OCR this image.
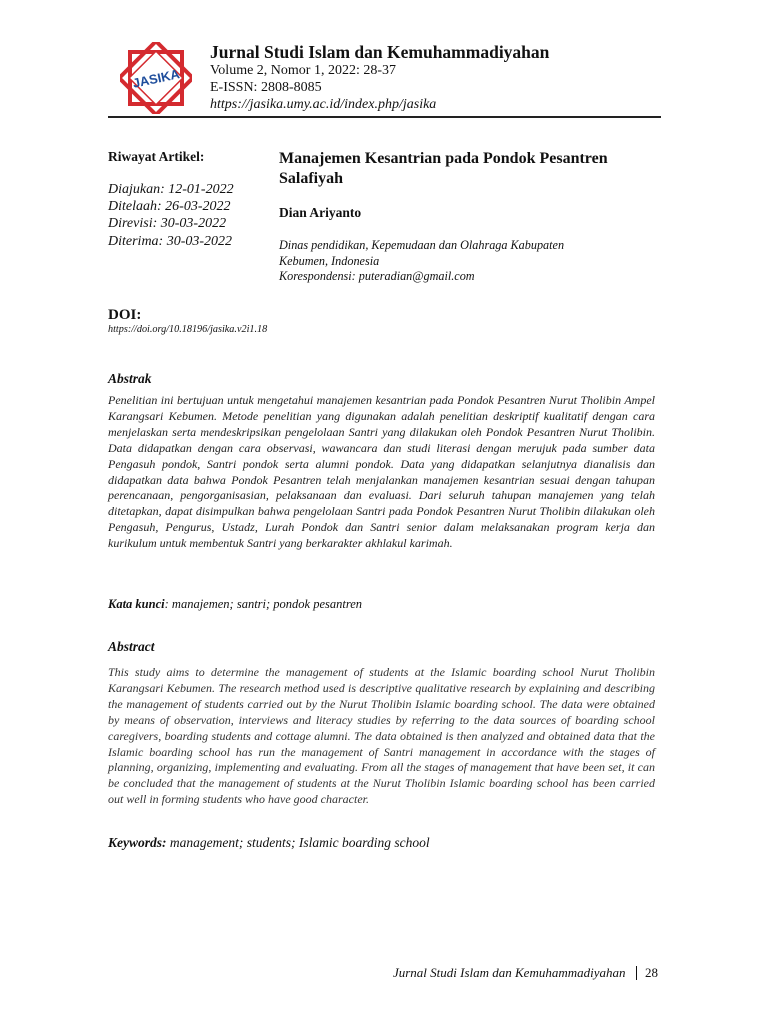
JASIKA
Jurnal Studi Islam dan Kemuhammadiyahan
Volume 2, Nomor 1, 2022: 28-37
E-ISSN: 2808-8085
https://jasika.umy.ac.id/index.php/jasika
Riwayat Artikel:
Diajukan: 12-01-2022
Ditelaah: 26-03-2022
Direvisi: 30-03-2022
Diterima: 30-03-2022
Manajemen Kesantrian pada Pondok Pesantren Salafiyah
Dian Ariyanto
Dinas pendidikan, Kepemudaan dan Olahraga Kabupaten
Kebumen, Indonesia
Korespondensi: puteradian@gmail.com
DOI:
https://doi.org/10.18196/jasika.v2i1.18
Abstrak
Penelitian ini bertujuan untuk mengetahui manajemen kesantrian pada Pondok Pesantren Nurut Tholibin Ampel Karangsari Kebumen. Metode penelitian yang digunakan adalah penelitian deskriptif kualitatif dengan cara menjelaskan serta mendeskripsikan pengelolaan Santri yang dilakukan oleh Pondok Pesantren Nurut Tholibin. Data didapatkan dengan cara observasi, wawancara dan studi literasi dengan merujuk pada sumber data Pengasuh pondok, Santri pondok serta alumni pondok. Data yang didapatkan selanjutnya dianalisis dan didapatkan data bahwa Pondok Pesantren telah menjalankan manajemen kesantrian sesuai dengan tahupan perencanaan, pengorganisasian, pelaksanaan dan evaluasi. Dari seluruh tahupan manajemen yang telah ditetapkan, dapat disimpulkan bahwa pengelolaan Santri pada Pondok Pesantren Nurut Tholibin dilakukan oleh Pengasuh, Pengurus, Ustadz, Lurah Pondok dan Santri senior dalam melaksanakan program kerja dan kurikulum untuk membentuk Santri yang berkarakter akhlakul karimah.
Kata kunci: manajemen; santri; pondok pesantren
Abstract
This study aims to determine the management of students at the Islamic boarding school Nurut Tholibin Karangsari Kebumen. The research method used is descriptive qualitative research by explaining and describing the management of students carried out by the Nurut Tholibin Islamic boarding school. The data were obtained by means of observation, interviews and literacy studies by referring to the data sources of boarding school caregivers, boarding students and cottage alumni. The data obtained is then analyzed and obtained data that the Islamic boarding school has run the management of Santri management in accordance with the stages of planning, organizing, implementing and evaluating. From all the stages of management that have been set, it can be concluded that the management of students at the Nurut Tholibin Islamic boarding school has been carried out well in forming students who have good character.
Keywords: management; students; Islamic boarding school
Jurnal Studi Islam dan Kemuhammadiyahan 28
